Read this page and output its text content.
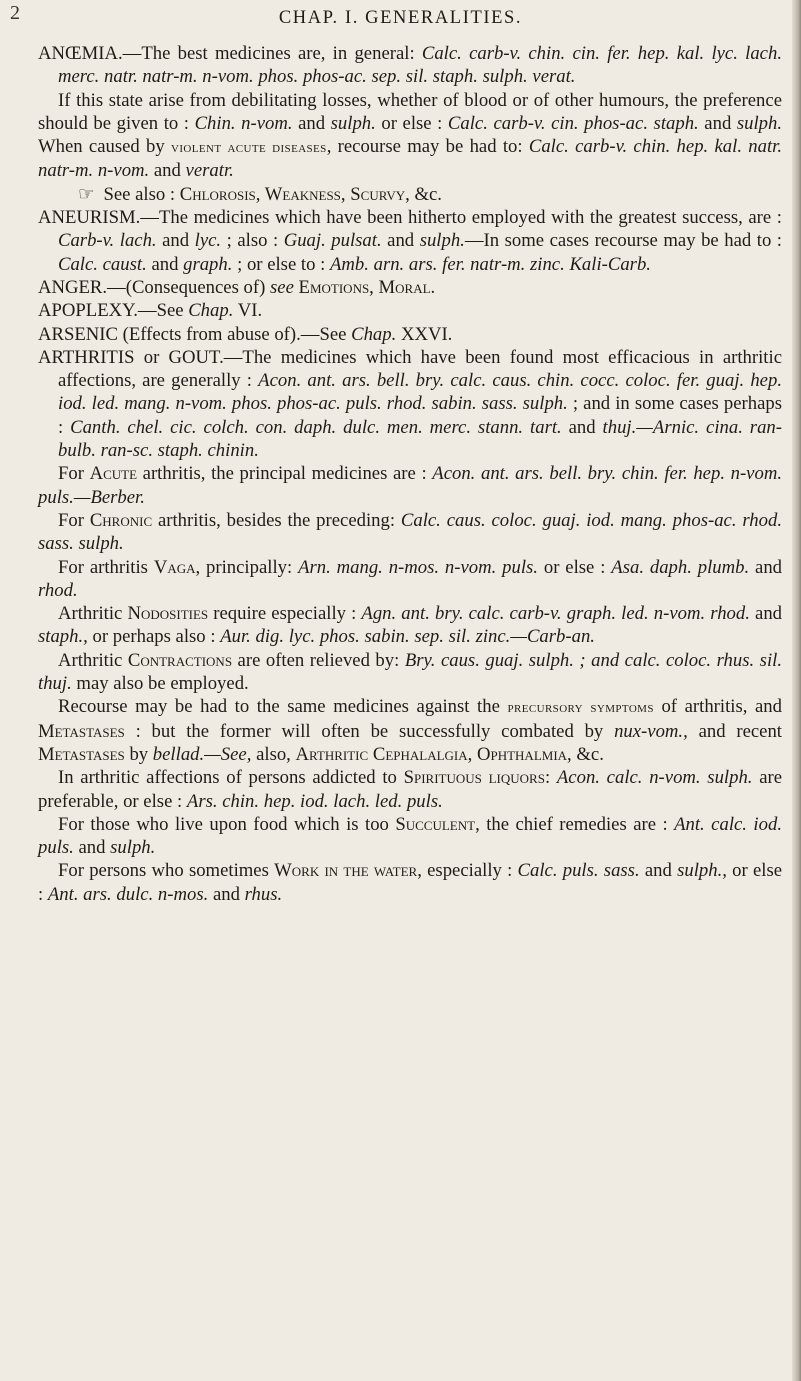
2	CHAP. I. GENERALITIES.

ANŒMIA.—The best medicines are, in general: Calc. carb-v. chin. cin. fer. hep. kal. lyc. lach. merc. natr. natr-m. n-vom. phos. phos-ac. sep. sil. staph. sulph. verat.

If this state arise from debilitating losses, whether of blood or of other humours, the preference should be given to : Chin. n-vom. and sulph. or else : Calc. carb-v. cin. phos-ac. staph. and sulph. When caused by violent acute diseases, recourse may be had to: Calc. carb-v. chin. hep. kal. natr. natr-m. n-vom. and veratr.

☞ See also : Chlorosis, Weakness, Scurvy, &c.

ANEURISM.—The medicines which have been hitherto employed with the greatest success, are : Carb-v. lach. and lyc. ; also : Guaj. pulsat. and sulph.—In some cases recourse may be had to : Calc. caust. and graph. ; or else to : Amb. arn. ars. fer. natr-m. zinc. Kali-Carb.

ANGER.—(Consequences of) see Emotions, Moral.

APOPLEXY.—See Chap. VI.

ARSENIC (Effects from abuse of).—See Chap. XXVI.

ARTHRITIS or GOUT.—The medicines which have been found most efficacious in arthritic affections, are generally : Acon. ant. ars. bell. bry. calc. caus. chin. cocc. coloc. fer. guaj. hep. iod. led. mang. n-vom. phos. phos-ac. puls. rhod. sabin. sass. sulph. ; and in some cases perhaps : Canth. chel. cic. colch. con. daph. dulc. men. merc. stann. tart. and thuj.—Arnic. cina. ran-bulb. ran-sc. staph. chinin.

For Acute arthritis, the principal medicines are : Acon. ant. ars. bell. bry. chin. fer. hep. n-vom. puls.—Berber.

For Chronic arthritis, besides the preceding: Calc. caus. coloc. guaj. iod. mang. phos-ac. rhod. sass. sulph.

For arthritis Vaga, principally: Arn. mang. n-mos. n-vom. puls. or else : Asa. daph. plumb. and rhod.

Arthritic Nodosities require especially : Agn. ant. bry. calc. carb-v. graph. led. n-vom. rhod. and staph., or perhaps also : Aur. dig. lyc. phos. sabin. sep. sil. zinc.—Carb-an.

Arthritic Contractions are often relieved by: Bry. caus. guaj. sulph. ; and calc. coloc. rhus. sil. thuj. may also be employed.

Recourse may be had to the same medicines against the precursory symptoms of arthritis, and Metastases : but the former will often be successfully combated by nux-vom., and recent Metastases by bellad.—See, also, Arthritic Cephalalgia, Ophthalmia, &c.

In arthritic affections of persons addicted to Spirituous liquors: Acon. calc. n-vom. sulph. are preferable, or else : Ars. chin. hep. iod. lach. led. puls.

For those who live upon food which is too Succulent, the chief remedies are : Ant. calc. iod. puls. and sulph.

For persons who sometimes Work in the water, especially : Calc. puls. sass. and sulph., or else : Ant. ars. dulc. n-mos. and rhus.
